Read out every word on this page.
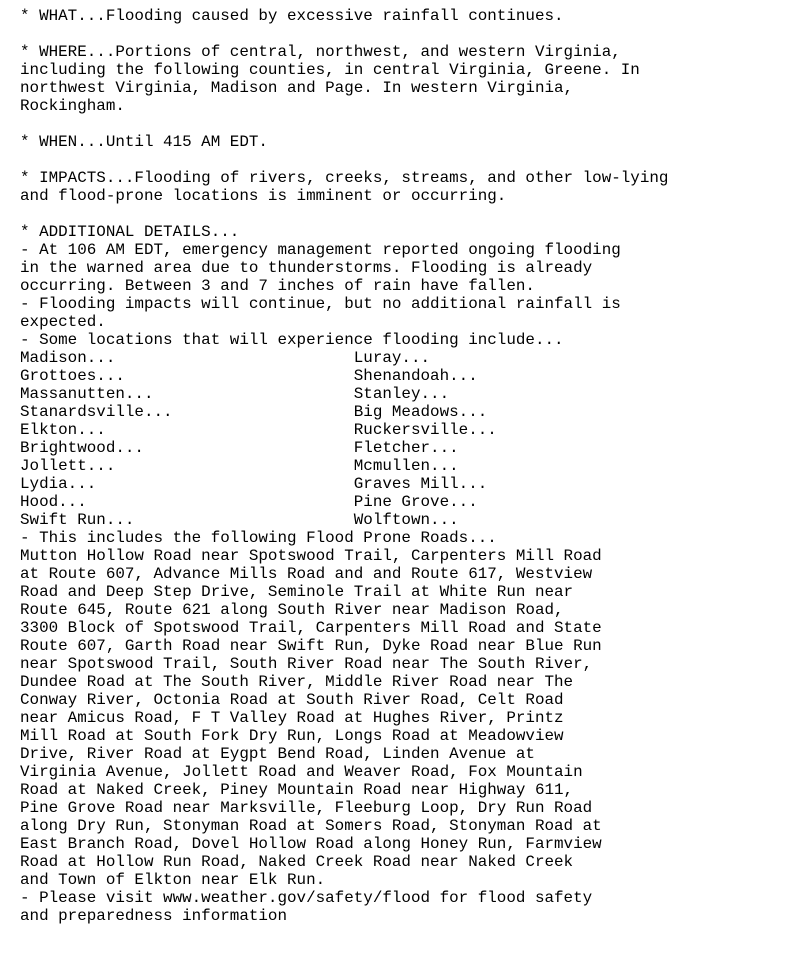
* WHAT...Flooding caused by excessive rainfall continues.
* WHERE...Portions of central, northwest, and western Virginia,
including the following counties, in central Virginia, Greene. In
northwest Virginia, Madison and Page. In western Virginia,
Rockingham.
* WHEN...Until 415 AM EDT.
* IMPACTS...Flooding of rivers, creeks, streams, and other low-lying
and flood-prone locations is imminent or occurring.
* ADDITIONAL DETAILS...
- At 106 AM EDT, emergency management reported ongoing flooding
in the warned area due to thunderstorms. Flooding is already
occurring. Between 3 and 7 inches of rain have fallen.
- Flooding impacts will continue, but no additional rainfall is
expected.
- Some locations that will experience flooding include...
Madison...                         Luray...
Grottoes...                        Shenandoah...
Massanutten...                     Stanley...
Stanardsville...                   Big Meadows...
Elkton...                          Ruckersville...
Brightwood...                      Fletcher...
Jollett...                         Mcmullen...
Lydia...                           Graves Mill...
Hood...                            Pine Grove...
Swift Run...                       Wolftown...
- This includes the following Flood Prone Roads...
Mutton Hollow Road near Spotswood Trail, Carpenters Mill Road
at Route 607, Advance Mills Road and and Route 617, Westview
Road and Deep Step Drive, Seminole Trail at White Run near
Route 645, Route 621 along South River near Madison Road,
3300 Block of Spotswood Trail, Carpenters Mill Road and State
Route 607, Garth Road near Swift Run, Dyke Road near Blue Run
near Spotswood Trail, South River Road near The South River,
Dundee Road at The South River, Middle River Road near The
Conway River, Octonia Road at South River Road, Celt Road
near Amicus Road, F T Valley Road at Hughes River, Printz
Mill Road at South Fork Dry Run, Longs Road at Meadowview
Drive, River Road at Eygpt Bend Road, Linden Avenue at
Virginia Avenue, Jollett Road and Weaver Road, Fox Mountain
Road at Naked Creek, Piney Mountain Road near Highway 611,
Pine Grove Road near Marksville, Fleeburg Loop, Dry Run Road
along Dry Run, Stonyman Road at Somers Road, Stonyman Road at
East Branch Road, Dovel Hollow Road along Honey Run, Farmview
Road at Hollow Run Road, Naked Creek Road near Naked Creek
and Town of Elkton near Elk Run.
- Please visit www.weather.gov/safety/flood for flood safety
and preparedness information
